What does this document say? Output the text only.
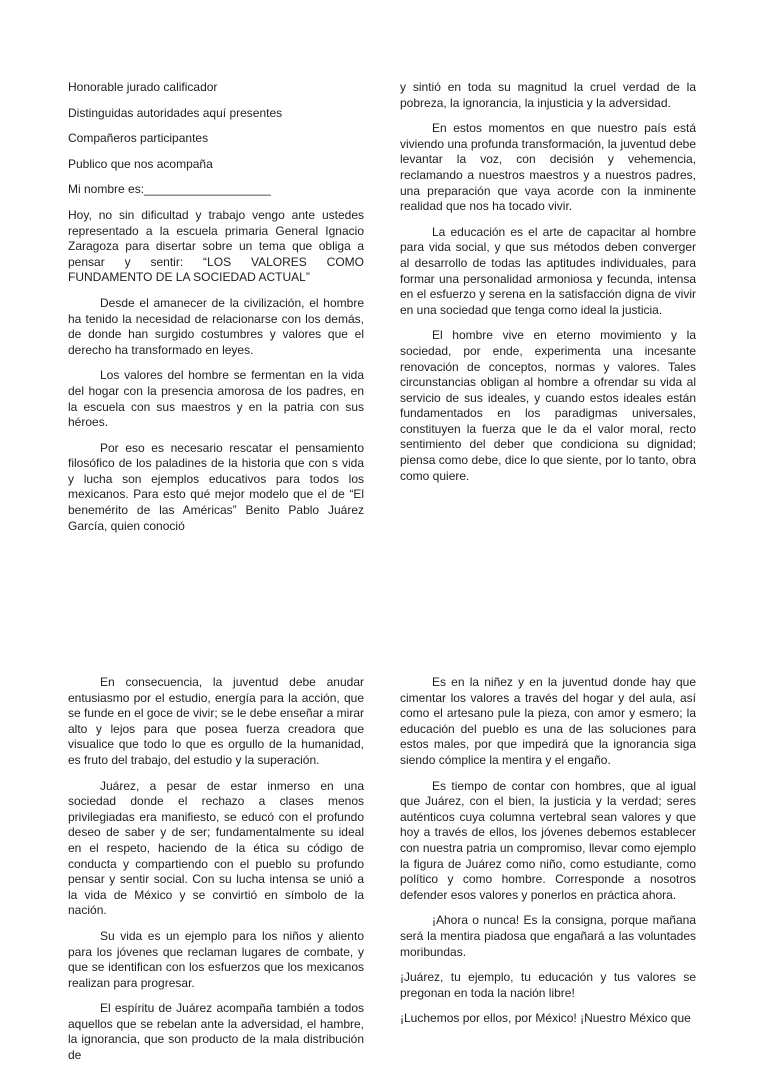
Honorable jurado calificador

Distinguidas autoridades aquí presentes

Compañeros participantes

Publico que nos acompaña

Mi nombre es:___________________

Hoy, no sin dificultad y trabajo vengo ante ustedes representado a la escuela primaria General Ignacio Zaragoza para disertar sobre un tema que obliga a pensar y sentir: “LOS VALORES COMO FUNDAMENTO DE LA SOCIEDAD ACTUAL”

Desde el amanecer de la civilización, el hombre ha tenido la necesidad de relacionarse con los demás, de donde han surgido costumbres y valores que el derecho ha transformado en leyes.

Los valores del hombre se fermentan en la vida del hogar con la presencia amorosa de los padres, en la escuela con sus maestros y en la patria con sus héroes.

Por eso es necesario rescatar el pensamiento filosófico de los paladines de la historia que con s vida y lucha son ejemplos educativos para todos los mexicanos. Para esto qué mejor modelo que el de “El benemérito de las Américas” Benito Pablo Juárez García, quien conoció

y sintió en toda su magnitud la cruel verdad de la pobreza, la ignorancia, la injusticia y la adversidad.

En estos momentos en que nuestro país está viviendo una profunda transformación, la juventud debe levantar la voz, con decisión y vehemencia, reclamando a nuestros maestros y a nuestros padres, una preparación que vaya acorde con la inminente realidad que nos ha tocado vivir.

La educación es el arte de capacitar al hombre para vida social, y que sus métodos deben converger al desarrollo de todas las aptitudes individuales, para formar una personalidad armoniosa y fecunda, intensa en el esfuerzo y serena en la satisfacción digna de vivir en una sociedad que tenga como ideal la justicia.

El hombre vive en eterno movimiento y la sociedad, por ende, experimenta una incesante renovación de conceptos, normas y valores. Tales circunstancias obligan al hombre a ofrendar su vida al servicio de sus ideales, y cuando estos ideales están fundamentados en los paradigmas universales, constituyen la fuerza que le da el valor moral, recto sentimiento del deber que condiciona su dignidad; piensa como debe, dice lo que siente, por lo tanto, obra como quiere.

En consecuencia, la juventud debe anudar entusiasmo por el estudio, energía para la acción, que se funde en el goce de vivir; se le debe enseñar a mirar alto y lejos para que posea fuerza creadora que visualice que todo lo que es orgullo de la humanidad, es fruto del trabajo, del estudio y la superación.

Juárez, a pesar de estar inmerso en una sociedad donde el rechazo a clases menos privilegiadas era manifiesto, se educó con el profundo deseo de saber y de ser; fundamentalmente su ideal en el respeto, haciendo de la ética su código de conducta y compartiendo con el pueblo su profundo pensar y sentir social. Con su lucha intensa se unió a la vida de México y se convirtió en símbolo de la nación.

Su vida es un ejemplo para los niños y aliento para los jóvenes que reclaman lugares de combate, y que se identifican con los esfuerzos que los mexicanos realizan para progresar.

El espíritu de Juárez acompaña también a todos aquellos que se rebelan ante la adversidad, el hambre, la ignorancia, que son producto de la mala distribución de

Es en la niñez y en la juventud donde hay que cimentar los valores a través del hogar y del aula, así como el artesano pule la pieza, con amor y esmero; la educación del pueblo es una de las soluciones para estos males, por que impedirá que la ignorancia siga siendo cómplice la mentira y el engaño.

Es tiempo de contar con hombres, que al igual que Juárez, con el bien, la justicia y la verdad; seres auténticos cuya columna vertebral sean valores y que hoy a través de ellos, los jóvenes debemos establecer con nuestra patria un compromiso, llevar como ejemplo la figura de Juárez como niño, como estudiante, como político y como hombre. Corresponde a nosotros defender esos valores y ponerlos en práctica ahora.

¡Ahora o nunca! Es la consigna, porque mañana será la mentira piadosa que engañará a las voluntades moribundas.

¡Juárez, tu ejemplo, tu educación y tus valores se pregonan en toda la nación libre!

¡Luchemos por ellos, por México! ¡Nuestro México que
